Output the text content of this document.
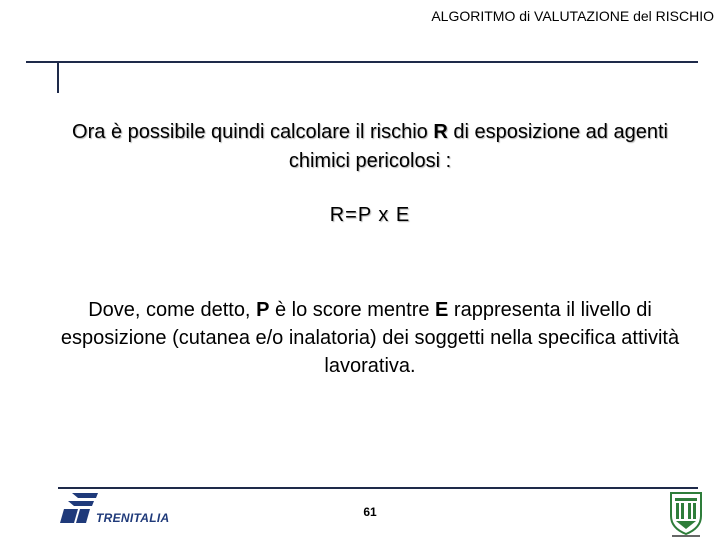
ALGORITMO di VALUTAZIONE del RISCHIO
Ora è possibile quindi calcolare il rischio R di esposizione ad agenti chimici pericolosi :
R=P x E
Dove, come detto, P è lo score mentre E rappresenta il livello di esposizione (cutanea e/o inalatoria) dei soggetti nella specifica attività lavorativa.
TRENITALIA	61
